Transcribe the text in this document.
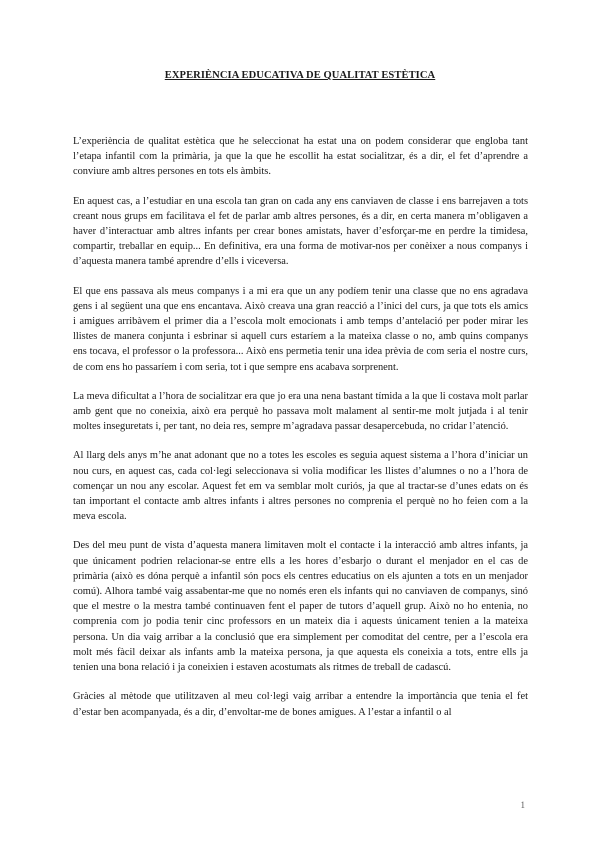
EXPERIÈNCIA EDUCATIVA DE QUALITAT ESTÈTICA

L’experiència de qualitat estètica que he seleccionat ha estat una on podem considerar que engloba tant l’etapa infantil com la primària, ja que la que he escollit ha estat socialitzar, és a dir, el fet d’aprendre a conviure amb altres persones en tots els àmbits.

En aquest cas, a l’estudiar en una escola tan gran on cada any ens canviaven de classe i ens barrejaven a tots creant nous grups em facilitava el fet de parlar amb altres persones, és a dir, en certa manera m’obligaven a haver d’interactuar amb altres infants per crear bones amistats, haver d’esforçar-me en perdre la timidesa, compartir, treballar en equip... En definitiva, era una forma de motivar-nos per conèixer a nous companys i d’aquesta manera també aprendre d’ells i viceversa.

El que ens passava als meus companys i a mi era que un any podíem tenir una classe que no ens agradava gens i al següent una que ens encantava. Això creava una gran reacció a l’inici del curs, ja que tots els amics i amigues arribàvem el primer dia a l’escola molt emocionats i amb temps d’antelació per poder mirar les llistes de manera conjunta i esbrinar si aquell curs estaríem a la mateixa classe o no, amb quins companys ens tocava, el professor o la professora... Això ens permetia tenir una idea prèvia de com seria el nostre curs, de com ens ho passaríem i com seria, tot i que sempre ens acabava sorprenent.

La meva dificultat a l’hora de socialitzar era que jo era una nena bastant tímida a la que li costava molt parlar amb gent que no coneixia, això era perquè ho passava molt malament al sentir-me molt jutjada i al tenir moltes inseguretats i, per tant, no deia res, sempre m’agradava passar desapercebuda, no cridar l’atenció.

Al llarg dels anys m’he anat adonant que no a totes les escoles es seguia aquest sistema a l’hora d’iniciar un nou curs, en aquest cas, cada col·legi seleccionava si volia modificar les llistes d’alumnes o no a l’hora de començar un nou any escolar. Aquest fet em va semblar molt curiós, ja que al tractar-se d’unes edats on és tan important el contacte amb altres infants i altres persones no comprenia el perquè no ho feien com a la meva escola.

Des del meu punt de vista d’aquesta manera limitaven molt el contacte i la interacció amb altres infants, ja que únicament podrien relacionar-se entre ells a les hores d’esbarjo o durant el menjador en el cas de primària (això es dóna perquè a infantil són pocs els centres educatius on els ajunten a tots en un menjador comú). Alhora també vaig assabentar-me que no només eren els infants qui no canviaven de companys, sinó que el mestre o la mestra també continuaven fent el paper de tutors d’aquell grup. Això no ho entenia, no comprenia com jo podia tenir cinc professors en un mateix dia i aquests únicament tenien a la mateixa persona. Un dia vaig arribar a la conclusió que era simplement per comoditat del centre, per a l’escola era molt més fàcil deixar als infants amb la mateixa persona, ja que aquesta els coneixia a tots, entre ells ja tenien una bona relació i ja coneixien i estaven acostumats als ritmes de treball de cadascú.

Gràcies al mètode que utilitzaven al meu col·legi vaig arribar a entendre la importància que tenia el fet d’estar ben acompanyada, és a dir, d’envoltar-me de bones amigues. A l’estar a infantil o al

1
